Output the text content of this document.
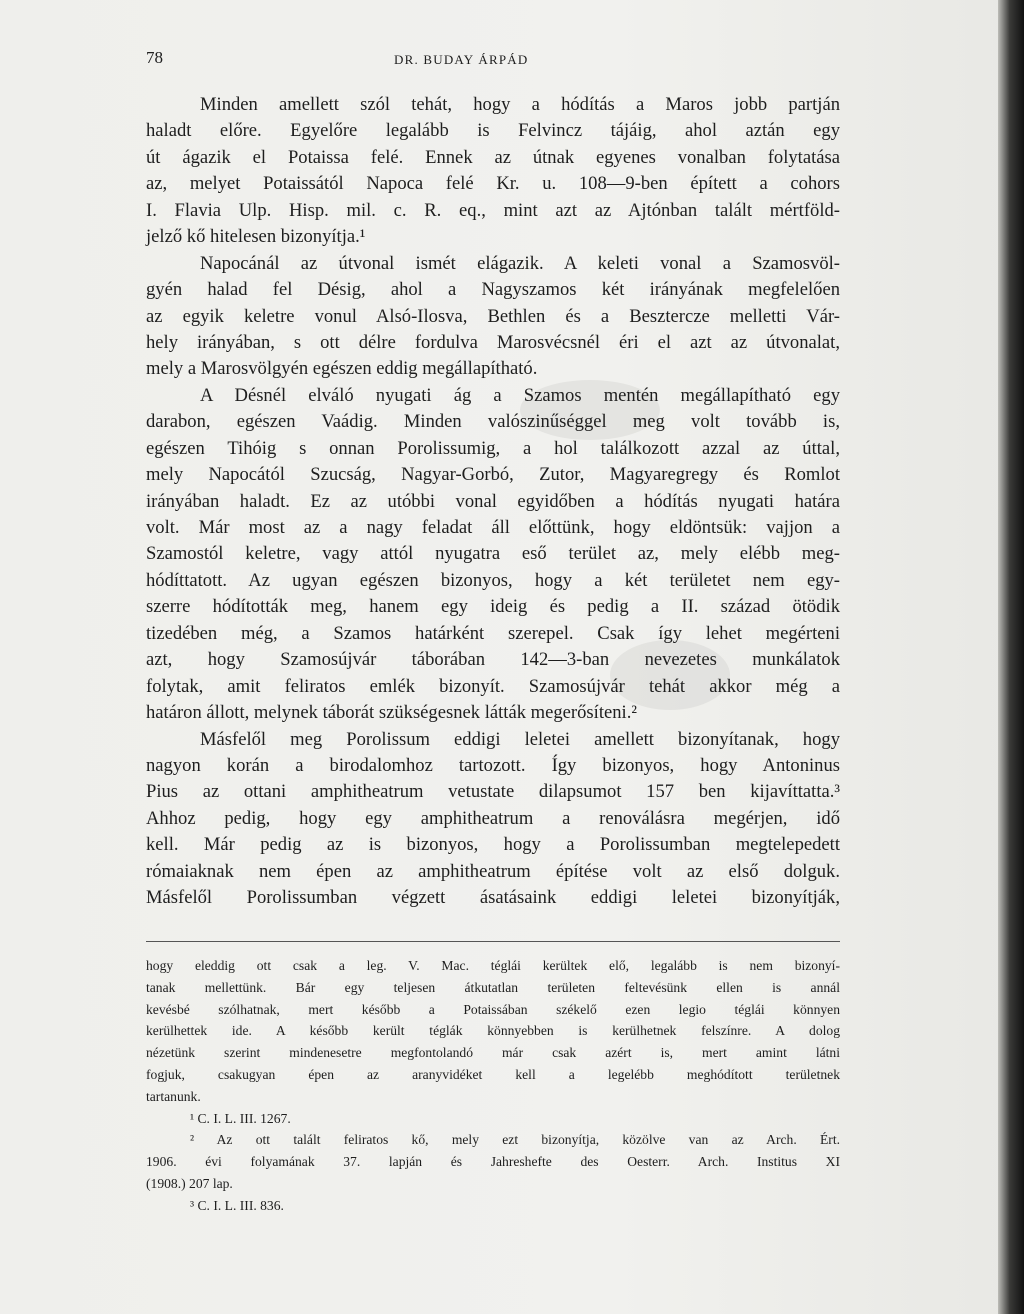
78	DR. BUDAY ÁRPÁD
Minden amellett szól tehát, hogy a hódítás a Maros jobb partján
haladt előre. Egyelőre legalább is Felvincz tájáig, ahol aztán egy
út ágazik el Potaissa felé. Ennek az útnak egyenes vonalban folytatása
az, melyet Potaissától Napoca felé Kr. u. 108—9-ben épített a cohors
I. Flavia Ulp. Hisp. mil. c. R. eq., mint azt az Ajtónban talált mértföld-
jelző kő hitelesen bizonyítja.¹
Napocánál az útvonal ismét elágazik. A keleti vonal a Szamosvöl-
gyén halad fel Désig, ahol a Nagyszamos két irányának megfelelően
az egyik keletre vonul Alsó-Ilosva, Bethlen és a Besztercze melletti Vár-
hely irányában, s ott délre fordulva Marosvécsnél éri el azt az útvonalat,
mely a Marosvölgyén egészen eddig megállapítható.
A Désnél elváló nyugati ág a Szamos mentén megállapítható egy
darabon, egészen Vaádig. Minden valószinűséggel meg volt tovább is,
egészen Tihóig s onnan Porolissumig, a hol találkozott azzal az úttal,
mely Napocától Szucság, Nagyar-Gorbó, Zutor, Magyaregregy és Romlot
irányában haladt. Ez az utóbbi vonal egyidőben a hódítás nyugati határa
volt. Már most az a nagy feladat áll előttünk, hogy eldöntsük: vajjon a
Szamostól keletre, vagy attól nyugatra eső terület az, mely elébb meg-
hódíttatott. Az ugyan egészen bizonyos, hogy a két területet nem egy-
szerre hódították meg, hanem egy ideig és pedig a II. század ötödik
tizedében még, a Szamos határként szerepel. Csak így lehet megérteni
azt, hogy Szamosújvár táborában 142—3-ban nevezetes munkálatok
folytak, amit feliratos emlék bizonyít. Szamosújvár tehát akkor még a
határon állott, melynek táborát szükségesnek látták megerősíteni.²
Másfelől meg Porolissum eddigi leletei amellett bizonyítanak, hogy
nagyon korán a birodalomhoz tartozott. Így bizonyos, hogy Antoninus
Pius az ottani amphitheatrum vetustate dilapsumot 157 ben kijavíttatta.³
Ahhoz pedig, hogy egy amphitheatrum a renoválásra megérjen, idő
kell. Már pedig az is bizonyos, hogy a Porolissumban megtelepedett
rómaiaknak nem épen az amphitheatrum építése volt az első dolguk.
Másfelől Porolissumban végzett ásatásaink eddigi leletei bizonyítják,
hogy eleddig ott csak a leg. V. Mac. téglái kerültek elő, legalább is nem bizonyí-
tanak mellettünk. Bár egy teljesen átkutatlan területen feltevésünk ellen is annál
kevésbé szólhatnak, mert később a Potaissában székelő ezen legio téglái könnyen
kerülhettek ide. A később került téglák könnyebben is kerülhetnek felszínre. A dolog
nézetünk szerint mindenesetre megfontolandó már csak azért is, mert amint látni
fogjuk, csakugyan épen az aranyvidéket kell a legelébb meghódított területnek
tartanunk.
¹ C. I. L. III. 1267.
² Az ott talált feliratos kő, mely ezt bizonyítja, közölve van az Arch. Ért.
1906. évi folyamának 37. lapján és Jahreshefte des Oesterr. Arch. Institus XI
(1908.) 207 lap.
³ C. I. L. III. 836.
